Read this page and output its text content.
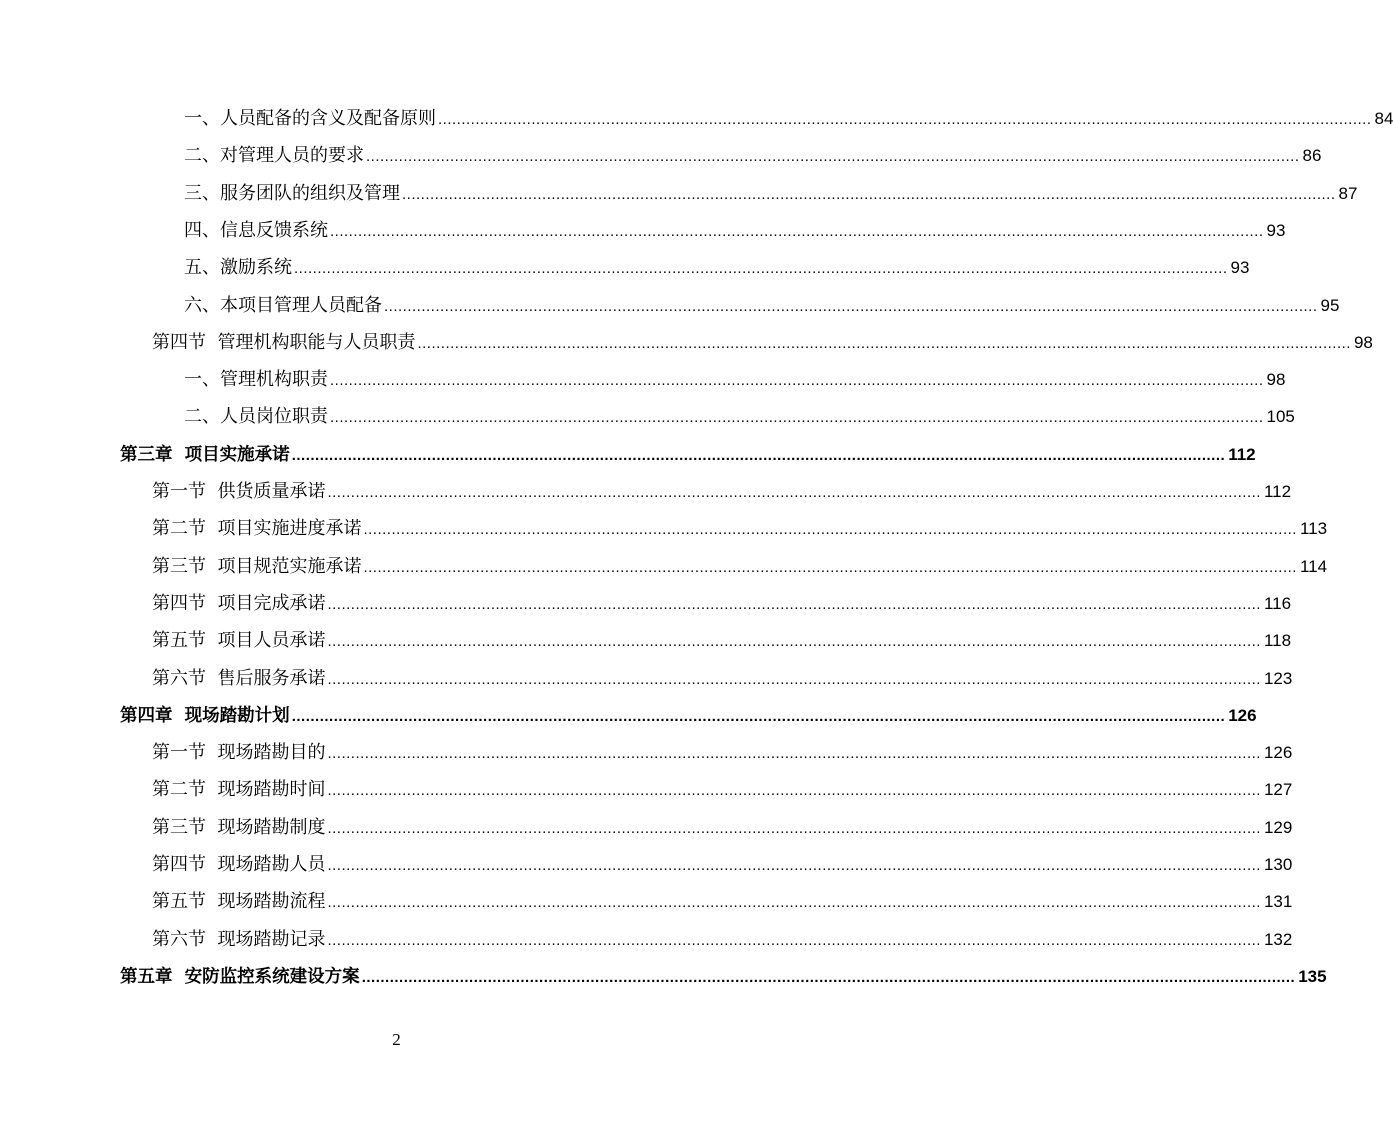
一、人员配备的含义及配备原则 ........................................................................................................................................................................................................ 84
二、对管理人员的要求 ........................................................................................................................................................................................................ 86
三、服务团队的组织及管理 ........................................................................................................................................................................................................ 87
四、信息反馈系统 ........................................................................................................................................................................................................ 93
五、激励系统 ........................................................................................................................................................................................................ 93
六、本项目管理人员配备 ........................................................................................................................................................................................................ 95
第四节  管理机构职能与人员职责 ........................................................................................................................................................................................................ 98
一、管理机构职责 ........................................................................................................................................................................................................ 98
二、人员岗位职责 ........................................................................................................................................................................................................ 105
第三章  项目实施承诺 ........................................................................................................................................................................................................ 112
第一节  供货质量承诺 ........................................................................................................................................................................................................ 112
第二节  项目实施进度承诺 ........................................................................................................................................................................................................ 113
第三节  项目规范实施承诺 ........................................................................................................................................................................................................ 114
第四节  项目完成承诺 ........................................................................................................................................................................................................ 116
第五节  项目人员承诺 ........................................................................................................................................................................................................ 118
第六节  售后服务承诺 ........................................................................................................................................................................................................ 123
第四章  现场踏勘计划 ........................................................................................................................................................................................................ 126
第一节  现场踏勘目的 ........................................................................................................................................................................................................ 126
第二节  现场踏勘时间 ........................................................................................................................................................................................................ 127
第三节  现场踏勘制度 ........................................................................................................................................................................................................ 129
第四节  现场踏勘人员 ........................................................................................................................................................................................................ 130
第五节  现场踏勘流程 ........................................................................................................................................................................................................ 131
第六节  现场踏勘记录 ........................................................................................................................................................................................................ 132
第五章  安防监控系统建设方案 ........................................................................................................................................................................................................ 135
2
